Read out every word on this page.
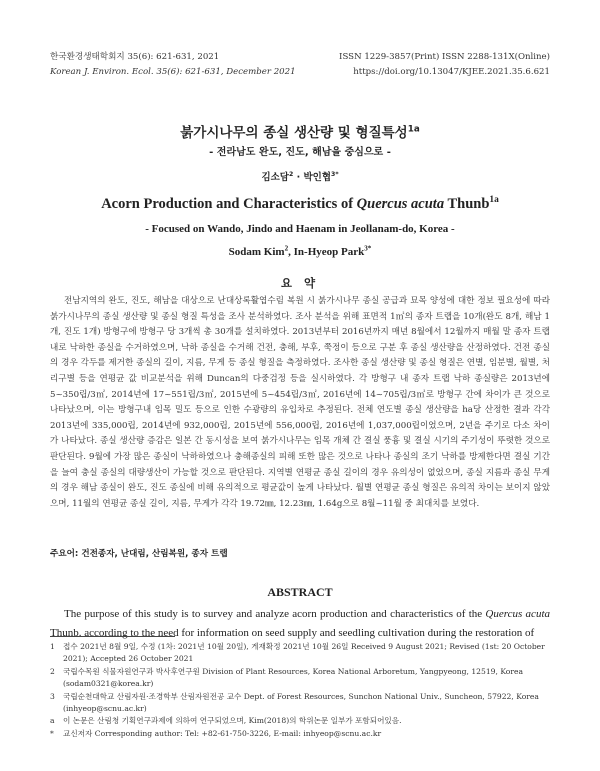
한국환경생태학회지 35(6): 621-631, 2021
Korean J. Environ. Ecol. 35(6): 621-631, December 2021
ISSN 1229-3857(Print) ISSN 2288-131X(Online)
https://doi.org/10.13047/KJEE.2021.35.6.621
붉가시나무의 종실 생산량 및 형질특성$^{1a}$
- 전라남도 완도, 진도, 해남을 중심으로 -
김소담$^2$ · 박인협$^{3*}$
Acorn Production and Characteristics of Quercus acuta Thunb$^{1a}$
- Focused on Wando, Jindo and Haenam in Jeollanam-do, Korea -
Sodam Kim$^2$, In-Hyeop Park$^{3*}$
요 약

전남지역의 완도, 진도, 해남을 대상으로 난대상록활엽수림 복원 시 붉가시나무 종실 공급과 묘목 양성에 대한 정보 필요성에 따라 붉가시나무의 종실 생산량 및 종실 형질 특성을 조사 분석하였다. 조사 분석을 위해 표면적 1㎡의 종자 트랩을 10개(완도 8개, 해남 1개, 진도 1개) 방형구에 방형구 당 3개씩 총 30개를 설치하였다. 2013년부터 2016년까지 매년 8월에서 12월까지 매월 말 종자 트랩 내로 낙하한 종실을 수거하였으며, 낙하 종실을 수거해 건전, 충해, 부후, 쭉정이 등으로 구분 후 종실 생산량을 산정하였다. 건전 종실의 경우 각두를 제거한 종실의 길이, 지름, 무게 등 종실 형질을 측정하였다. 조사한 종실 생산량 및 종실 형질은 연별, 임분별, 월별, 처리구별 등을 연평균 값 비교분석을 위해 Duncan의 다중검정 등을 실시하였다. 각 방형구 내 종자 트랩 낙하 종실량은 2013년에 5~350립/3㎡, 2014년에 17~551립/3㎡, 2015년에 5~454립/3㎡, 2016년에 14~705립/3㎡로 방형구 간에 차이가 큰 것으로 나타났으며, 이는 방형구내 임목 밀도 등으로 인한 수광량의 유입차로 추정된다. 전체 연도별 종실 생산량을 ha당 산정한 결과 각각 2013년에 335,000립, 2014년에 932,000립, 2015년에 556,000립, 2016년에 1,037,000립이었으며, 2년을 주기로 다소 차이가 나타났다. 종실 생산량 증감은 일본 간 동시성을 보여 붉가시나무는 임목 개체 간 결실 풍흉 및 결실 시기의 주기성이 뚜렷한 것으로 판단된다. 9월에 가장 많은 종실이 낙하하였으나 충해종실의 피해 또한 많은 것으로 나타나 종실의 조기 낙하를 방제한다면 결실 기간을 늘여 충실 종실의 대량생산이 가능할 것으로 판단된다. 지역별 연평균 종실 길이의 경우 유의성이 없었으며, 종실 지름과 종실 무게의 경우 해남 종실이 완도, 진도 종실에 비해 유의적으로 평균값이 높게 나타났다. 월별 연평균 종실 형질은 유의적 차이는 보이지 않았으며, 11월의 연평균 종실 길이, 지름, 무게가 각각 19.72㎜, 12.23㎜, 1.64g으로 8월~11월 중 최대치를 보였다.

주요어: 건전종자, 난대림, 산림복원, 종자 트랩
ABSTRACT

The purpose of this study is to survey and analyze acorn production and characteristics of the Quercus acuta Thunb. according to the need for information on seed supply and seedling cultivation during the restoration of

1 접수 2021년 8월 9일, 수정 (1차: 2021년 10월 20일), 게재확정 2021년 10월 26일 Received 9 August 2021; Revised (1st: 20 October 2021); Accepted 26 October 2021
2 국립수목원 식물자원연구과 박사후연구원 Division of Plant Resources, Korea National Arboretum, Yangpyeong, 12519, Korea (sodam0321@korea.kr)
3 국립순천대학교 산림자원·조경학부 산림자원전공 교수 Dept. of Forest Resources, Sunchon National Univ., Suncheon, 57922, Korea (inhyeop@scnu.ac.kr)
a 이 논문은 산림청 기획연구과제에 의하여 연구되었으며, Kim(2018)의 학위논문 일부가 포함되어있음.
* 교신저자 Corresponding author: Tel: +82-61-750-3226, E-mail: inhyeop@scnu.ac.kr
